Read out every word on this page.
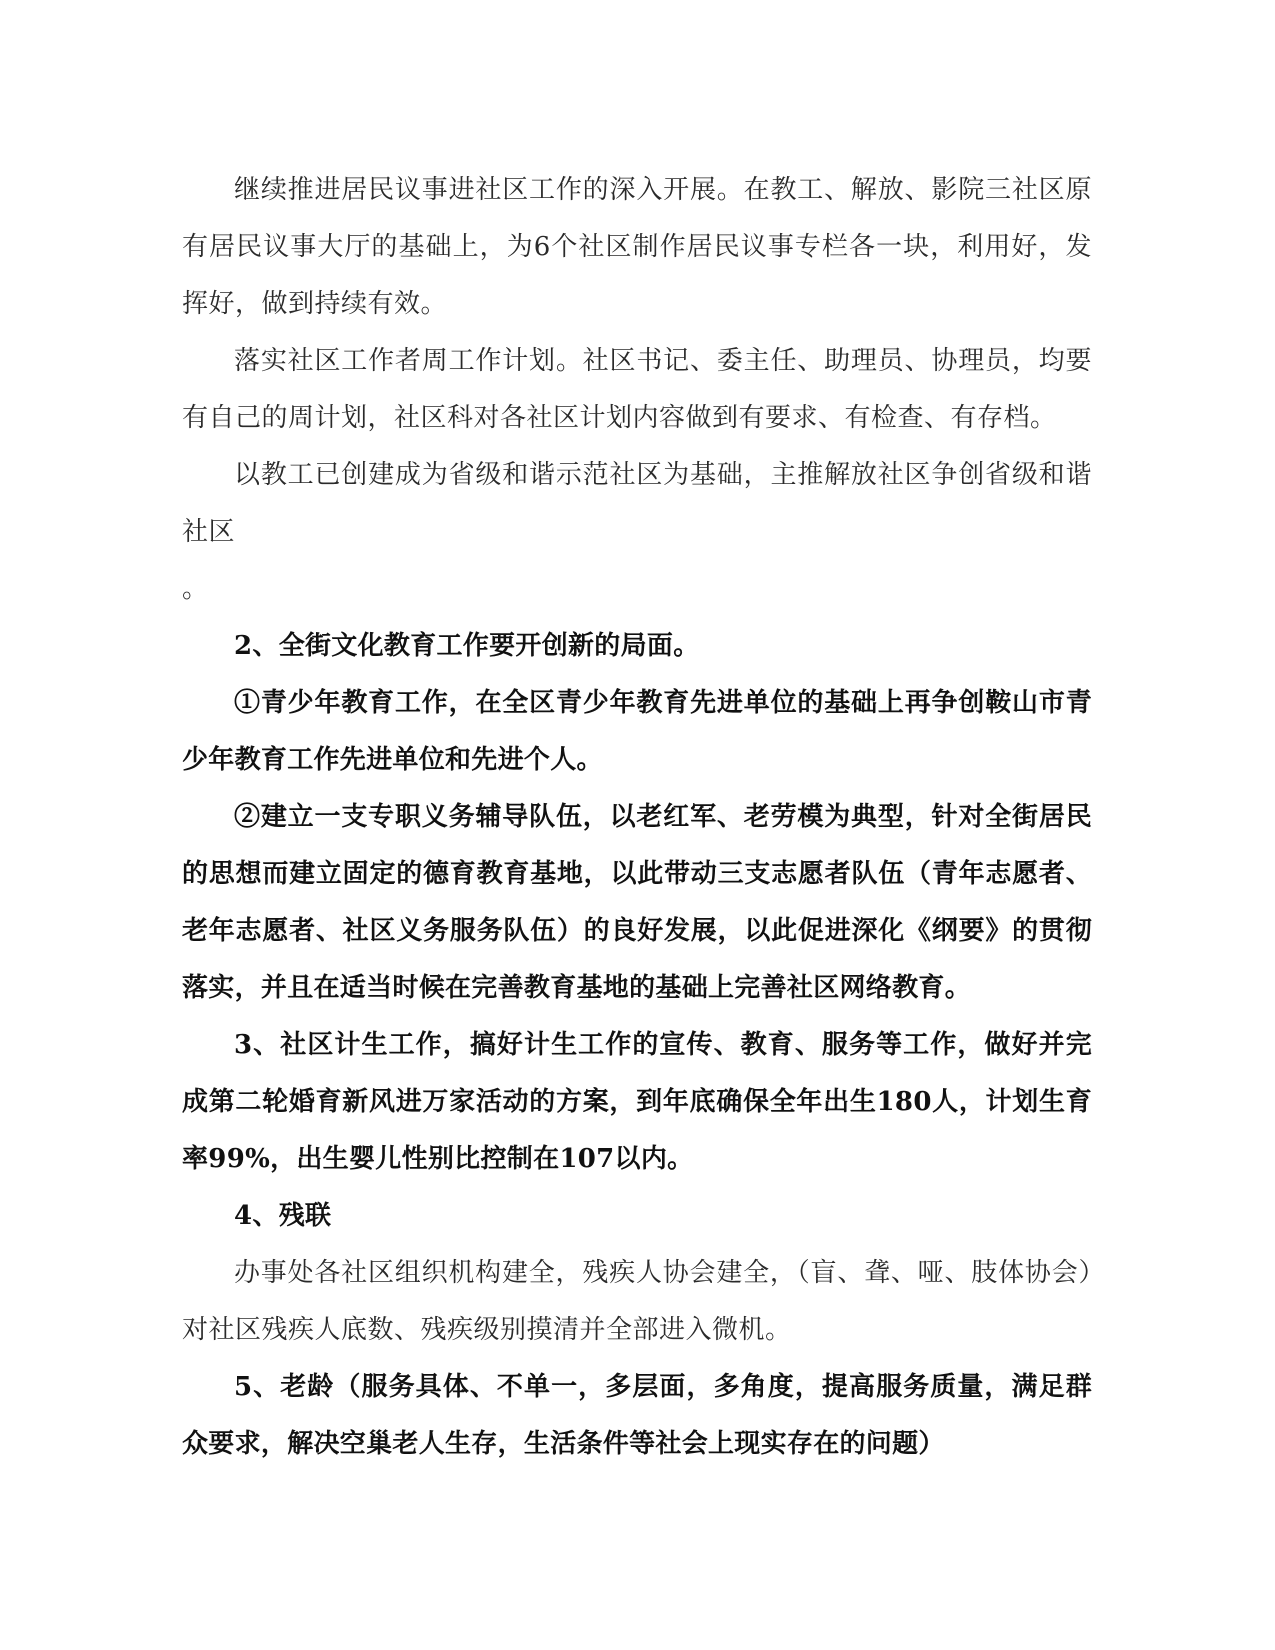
继续推进居民议事进社区工作的深入开展。在教工、解放、影院三社区原有居民议事大厅的基础上，为6个社区制作居民议事专栏各一块，利用好，发挥好，做到持续有效。

落实社区工作者周工作计划。社区书记、委主任、助理员、协理员，均要有自己的周计划，社区科对各社区计划内容做到有要求、有检查、有存档。

以教工已创建成为省级和谐示范社区为基础，主推解放社区争创省级和谐社区

。

2、全街文化教育工作要开创新的局面。

①青少年教育工作，在全区青少年教育先进单位的基础上再争创鞍山市青少年教育工作先进单位和先进个人。

②建立一支专职义务辅导队伍，以老红军、老劳模为典型，针对全街居民的思想而建立固定的德育教育基地，以此带动三支志愿者队伍（青年志愿者、老年志愿者、社区义务服务队伍）的良好发展，以此促进深化《纲要》的贯彻落实，并且在适当时候在完善教育基地的基础上完善社区网络教育。

3、社区计生工作，搞好计生工作的宣传、教育、服务等工作，做好并完成第二轮婚育新风进万家活动的方案，到年底确保全年出生180人，计划生育率99%，出生婴儿性别比控制在107以内。

4、残联

办事处各社区组织机构建全，残疾人协会建全，（盲、聋、哑、肢体协会）对社区残疾人底数、残疾级别摸清并全部进入微机。

5、老龄（服务具体、不单一，多层面，多角度，提高服务质量，满足群众要求，解决空巢老人生存，生活条件等社会上现实存在的问题）
